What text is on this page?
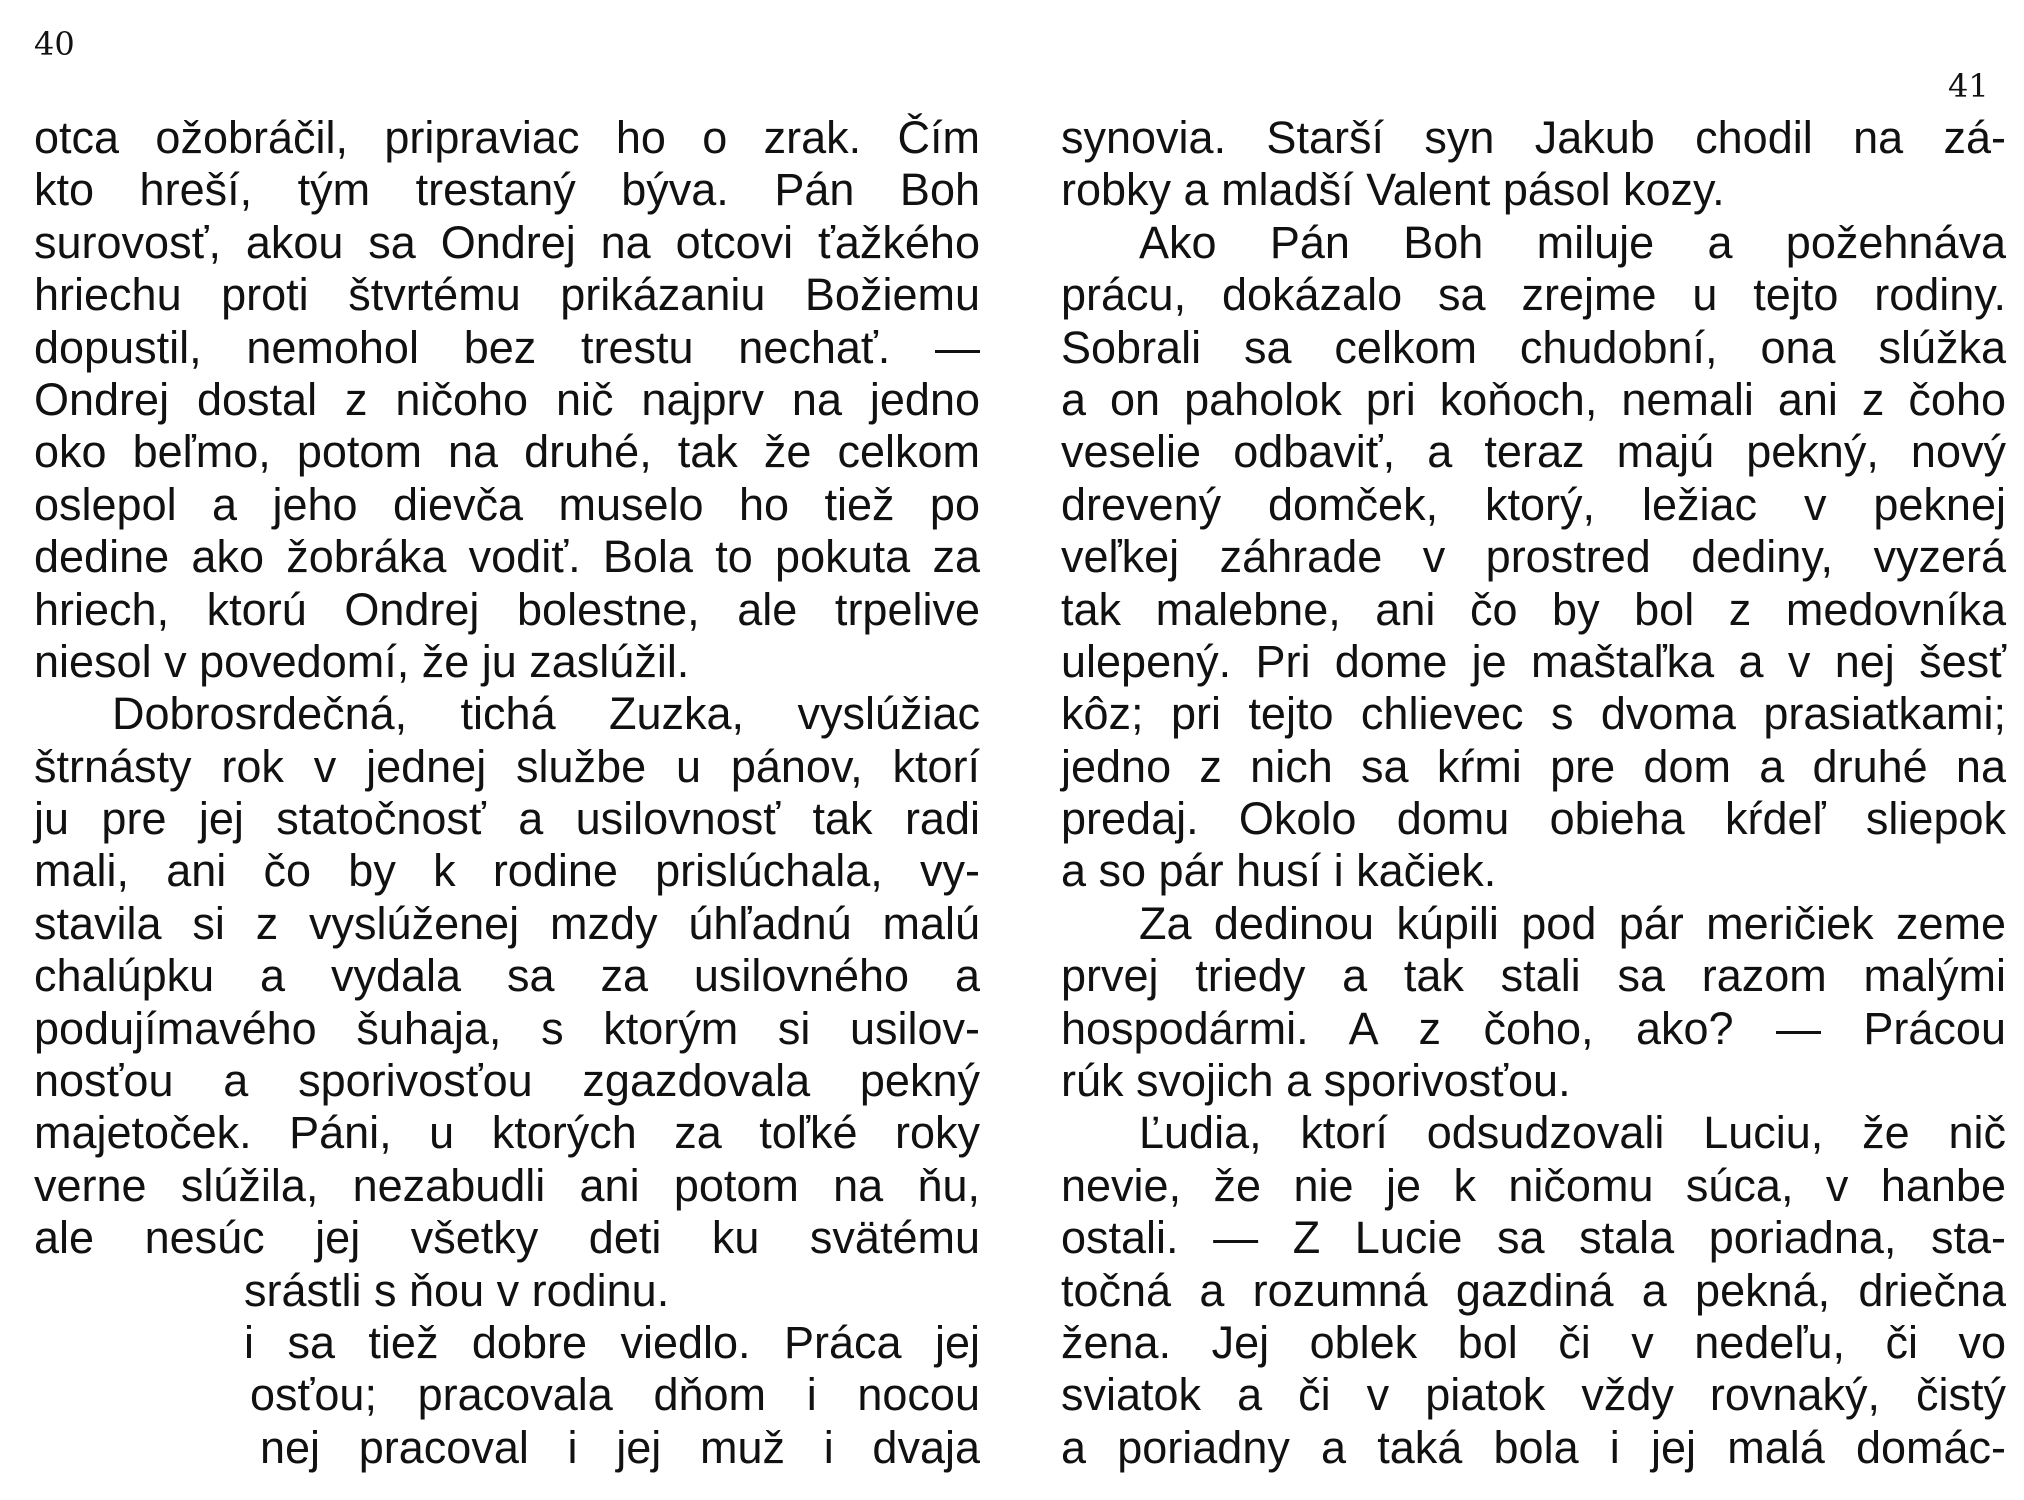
40
41
otca ožobráčil, pripraviac ho o zrak. Čím
kto hreší, tým trestaný býva. Pán Boh
surovosť, akou sa Ondrej na otcovi ťažkého
hriechu proti štvrtému prikázaniu Božiemu
dopustil, nemohol bez trestu nechať. —
Ondrej dostal z ničoho nič najprv na jedno
oko beľmo, potom na druhé, tak že celkom
oslepol a jeho dievča muselo ho tiež po
dedine ako žobráka vodiť. Bola to pokuta za
hriech, ktorú Ondrej bolestne, ale trpelive
niesol v povedomí, že ju zaslúžil.
Dobrosrdečná, tichá Zuzka, vyslúžiac
štrnásty rok v jednej službe u pánov, ktorí
ju pre jej statočnosť a usilovnosť tak radi
mali, ani čo by k rodine prislúchala, vy-
stavila si z vyslúženej mzdy úhľadnú malú
chalúpku a vydala sa za usilovného a
podujímavého šuhaja, s ktorým si usilov-
nosťou a sporivosťou zgazdovala pekný
majetoček. Páni, u ktorých za toľké roky
verne slúžila, nezabudli ani potom na ňu,
ale nesúc jej všetky deti ku svätému
srástli s ňou v rodinu.
i sa tiež dobre viedlo. Práca jej
osťou; pracovala dňom i nocou
nej pracoval i jej muž i dvaja
synovia. Starší syn Jakub chodil na zá-
robky a mladší Valent pásol kozy.
Ako Pán Boh miluje a požehnáva
prácu, dokázalo sa zrejme u tejto rodiny.
Sobrali sa celkom chudobní, ona slúžka
a on paholok pri koňoch, nemali ani z čoho
veselie odbaviť, a teraz majú pekný, nový
drevený domček, ktorý, ležiac v peknej
veľkej záhrade v prostred dediny, vyzerá
tak malebne, ani čo by bol z medovníka
ulepený. Pri dome je maštaľka a v nej šesť
kôz; pri tejto chlievec s dvoma prasiatkami;
jedno z nich sa kŕmi pre dom a druhé na
predaj. Okolo domu obieha kŕdeľ sliepok
a so pár husí i kačiek.
Za dedinou kúpili pod pár meričiek zeme
prvej triedy a tak stali sa razom malými
hospodármi. A z čoho, ako? — Prácou
rúk svojich a sporivosťou.
Ľudia, ktorí odsudzovali Luciu, že nič
nevie, že nie je k ničomu súca, v hanbe
ostali. — Z Lucie sa stala poriadna, sta-
točná a rozumná gazdiná a pekná, driečna
žena. Jej oblek bol či v nedeľu, či vo
sviatok a či v piatok vždy rovnaký, čistý
a poriadny a taká bola i jej malá domác-
